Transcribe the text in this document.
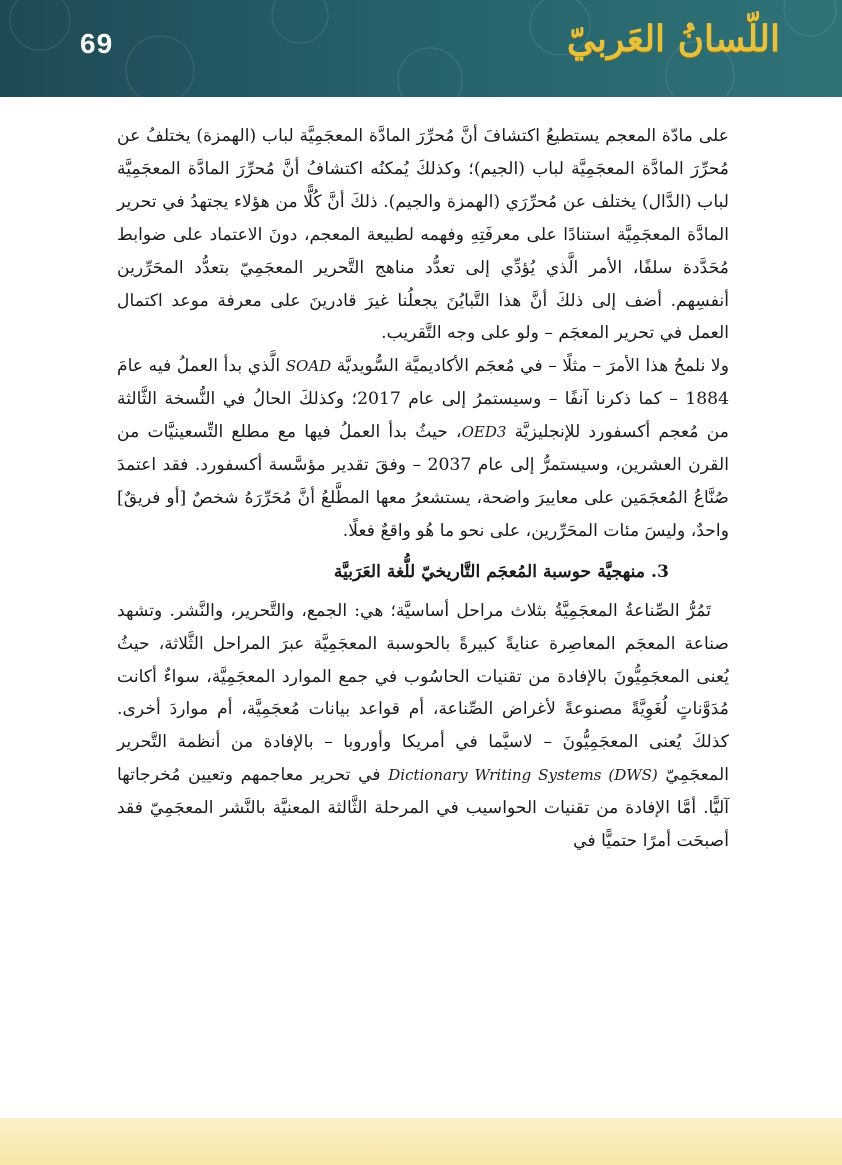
69	اللّسانُ العَربيّ

على مادّة المعجم يستطيعُ اكتشافَ أنَّ مُحرِّرَ المادَّة المعجَمِيَّة لباب (الهمزة) يختلفُ عن مُحرِّرَ المادَّة المعجَمِيَّة لباب (الجيم)؛ وكذلكَ يُمكنُه اكتشافُ أنَّ مُحرِّرَ المادَّة المعجَمِيَّة لباب (الدَّال) يختلف عن مُحرِّرَي (الهمزة والجيم). ذلكَ أنَّ كُلًّا من هؤلاء يجتهدُ في تحرير المادَّة المعجَمِيَّة استنادًا على معرفَتِهِ وفهمه لطبيعة المعجم، دونَ الاعتماد على ضوابط مُحَدَّدة سلفًا، الأمر الَّذي يُؤدِّي إلى تعدُّد مناهج التَّحرير المعجَمِيّ بتعدُّد المحَرِّرين أنفسِهم. أضف إلى ذلكَ أنَّ هذا التَّبايُنَ يجعلُنا غيرَ قادرينَ على معرفة موعد اكتمال العمل في تحرير المعجَم – ولو على وجه التَّقريب.

ولا نلمحُ هذا الأمرَ – مثلًا – في مُعجَم الأكاديميَّة السُّويديَّة SOAD الَّذي بدأ العملُ فيه عامَ 1884 – كما ذكرنا آنفًا – وسيستمرُ إلى عام 2017؛ وكذلكَ الحالُ في النُّسخة الثَّالثة من مُعجم أكسفورد للإنجليزيَّة OED3، حيثُ بدأ العملُ فيها مع مطلع التِّسعينيَّات من القرن العشرين، وسيستمرُّ إلى عام 2037 – وفقَ تقدير مؤسَّسة أكسفورد. فقد اعتمدَ صُنَّاعُ المُعجَمَين على معاييرَ واضحة، يستشعرُ معها المطَّلعُ أنَّ مُحَرِّرَهُ شخصٌ [أو فريقٌ] واحدٌ، وليسَ مئات المحَرِّرين، على نحو ما هُو واقعٌ فعلًا.

3. منهجيَّة حوسبة المُعجَم التَّاريخيّ للُّغة العَرَبيَّة

تَمُرُّ الصِّناعةُ المعجَمِيَّةُ بثلاث مراحل أساسيَّة؛ هي: الجمع، والتَّحرير، والنَّشر. وتشهد صناعة المعجَم المعاصِرة عنايةً كبيرةً بالحوسبة المعجَمِيَّة عبرَ المراحل الثَّلاثة، حيثُ يُعنى المعجَمِيُّونَ بالإفادة من تقنيات الحاسُوب في جمع الموارد المعجَمِيَّة، سواءٌ أكانت مُدَوَّناتٍ لُغَوِيَّةً مصنوعةً لأغراض الصِّناعة، أم قواعد بيانات مُعجَمِيَّة، أم مواردَ أخرى. كذلكَ يُعنى المعجَمِيُّونَ – لاسيَّما في أمريكا وأوروبا – بالإفادة من أنظمة التَّحرير المعجَمِيّ Dictionary Writing Systems (DWS) في تحرير معاجمهم وتعيين مُخرجاتها آليًّا. أمَّا الإفادة من تقنيات الحواسيب في المرحلة الثَّالثة المعنيَّة بالنَّشر المعجَمِيّ فقد أصبحَت أمرًا حتميًّا في
